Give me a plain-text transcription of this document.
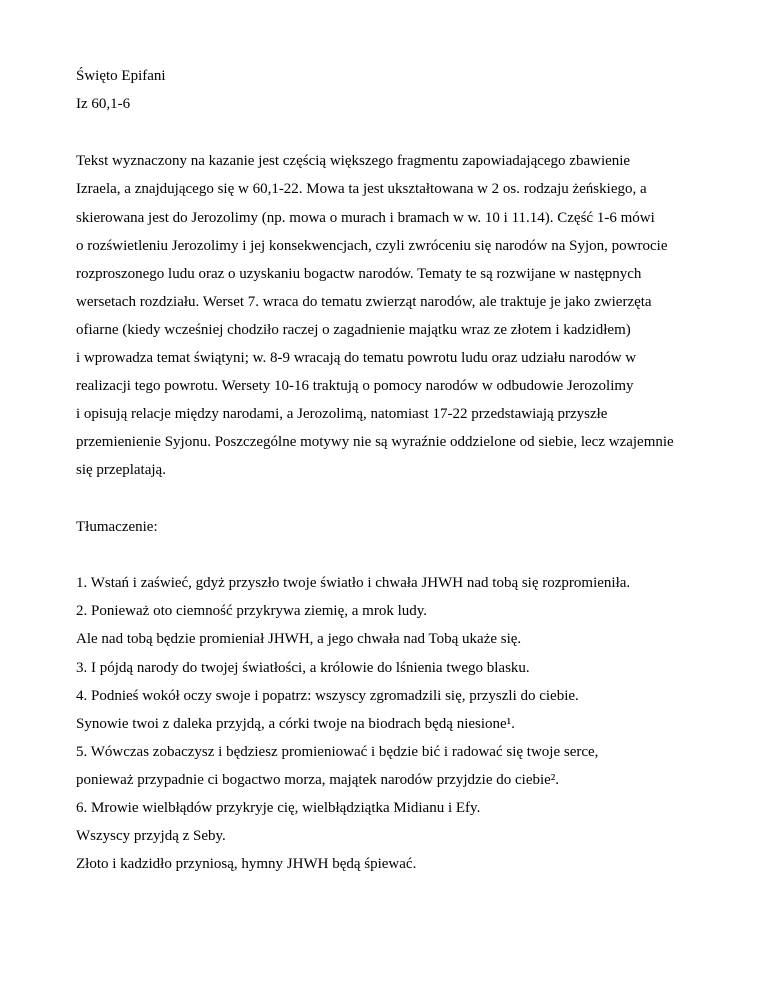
Święto Epifani
Iz 60,1-6
Tekst wyznaczony na kazanie jest częścią większego fragmentu zapowiadającego zbawienie
Izraela, a znajdującego się w 60,1-22. Mowa ta jest ukształtowana w 2 os. rodzaju żeńskiego, a
skierowana jest do Jerozolimy (np. mowa o murach i bramach w w. 10 i 11.14). Część 1-6 mówi
o rozświetleniu Jerozolimy i jej konsekwencjach, czyli zwróceniu się narodów na Syjon, powrocie
rozproszonego ludu oraz o uzyskaniu bogactw narodów. Tematy te są rozwijane w następnych
wersetach rozdziału. Werset 7. wraca do tematu zwierząt narodów, ale traktuje je jako zwierzęta
ofiarne (kiedy wcześniej chodziło raczej o zagadnienie majątku wraz ze złotem i kadzidłem)
i wprowadza temat świątyni; w. 8-9 wracają do tematu powrotu ludu oraz udziału narodów w
realizacji tego powrotu. Wersety 10-16 traktują o pomocy narodów w odbudowie Jerozolimy
i opisują relacje między narodami, a Jerozolimą, natomiast 17-22 przedstawiają przyszłe
przemienienie Syjonu. Poszczególne motywy nie są wyraźnie oddzielone od siebie, lecz wzajemnie
się przeplatają.
Tłumaczenie:
1. Wstań i zaświeć, gdyż przyszło twoje światło i chwała JHWH nad tobą się rozpromieniła.
2. Ponieważ oto ciemność przykrywa ziemię, a mrok ludy.
Ale nad tobą będzie promieniał JHWH, a jego chwała nad Tobą ukaże się.
3. I pójdą narody do twojej światłości, a królowie do lśnienia twego blasku.
4. Podnieś wokół oczy swoje i popatrz: wszyscy zgromadzili się, przyszli do ciebie.
Synowie twoi z daleka przyjdą, a córki twoje na biodrach będą niesione¹.
5. Wówczas zobaczysz i będziesz promieniować i będzie bić i radować się twoje serce,
ponieważ przypadnie ci bogactwo morza, majątek narodów przyjdzie do ciebie².
6. Mrowie wielbłądów przykryje cię, wielbłądziątka Midianu i Efy.
Wszyscy przyjdą z Seby.
Złoto i kadzidło przyniosą, hymny JHWH będą śpiewać.
